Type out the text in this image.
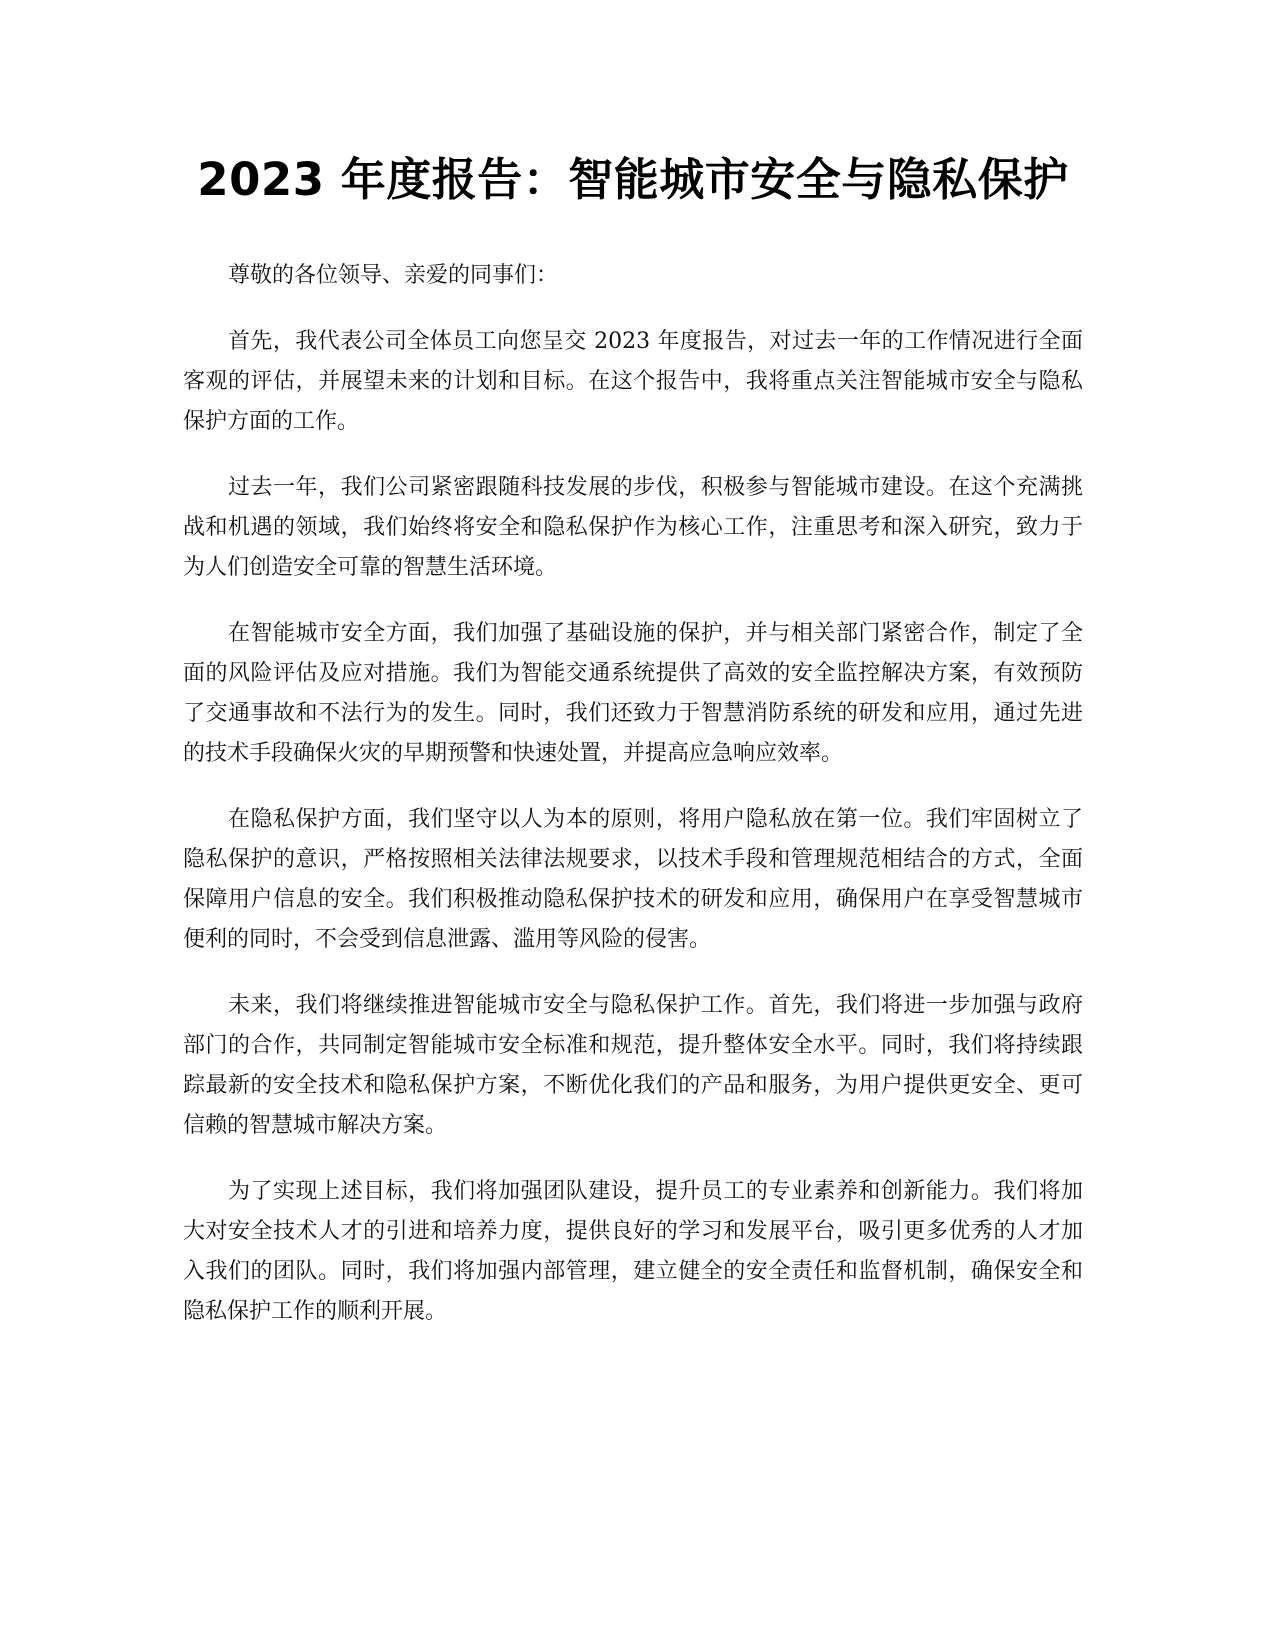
2023 年度报告：智能城市安全与隐私保护

尊敬的各位领导、亲爱的同事们：

首先，我代表公司全体员工向您呈交 2023 年度报告，对过去一年的工作情况进行全面客观的评估，并展望未来的计划和目标。在这个报告中，我将重点关注智能城市安全与隐私保护方面的工作。

过去一年，我们公司紧密跟随科技发展的步伐，积极参与智能城市建设。在这个充满挑战和机遇的领域，我们始终将安全和隐私保护作为核心工作，注重思考和深入研究，致力于为人们创造安全可靠的智慧生活环境。

在智能城市安全方面，我们加强了基础设施的保护，并与相关部门紧密合作，制定了全面的风险评估及应对措施。我们为智能交通系统提供了高效的安全监控解决方案，有效预防了交通事故和不法行为的发生。同时，我们还致力于智慧消防系统的研发和应用，通过先进的技术手段确保火灾的早期预警和快速处置，并提高应急响应效率。

在隐私保护方面，我们坚守以人为本的原则，将用户隐私放在第一位。我们牢固树立了隐私保护的意识，严格按照相关法律法规要求，以技术手段和管理规范相结合的方式，全面保障用户信息的安全。我们积极推动隐私保护技术的研发和应用，确保用户在享受智慧城市便利的同时，不会受到信息泄露、滥用等风险的侵害。

未来，我们将继续推进智能城市安全与隐私保护工作。首先，我们将进一步加强与政府部门的合作，共同制定智能城市安全标准和规范，提升整体安全水平。同时，我们将持续跟踪最新的安全技术和隐私保护方案，不断优化我们的产品和服务，为用户提供更安全、更可信赖的智慧城市解决方案。

为了实现上述目标，我们将加强团队建设，提升员工的专业素养和创新能力。我们将加大对安全技术人才的引进和培养力度，提供良好的学习和发展平台，吸引更多优秀的人才加入我们的团队。同时，我们将加强内部管理，建立健全的安全责任和监督机制，确保安全和隐私保护工作的顺利开展。
